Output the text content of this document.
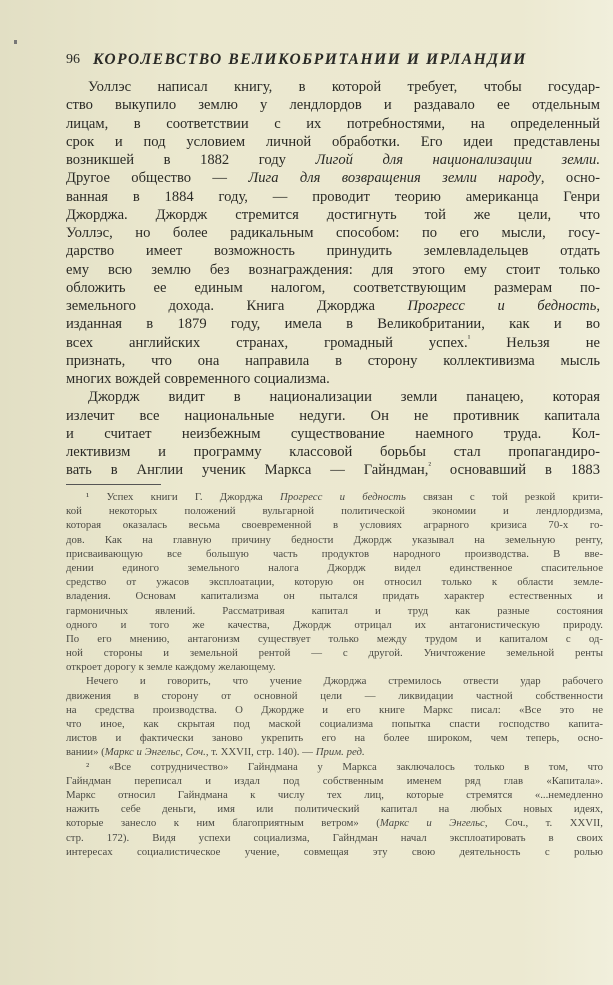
96 КОРОЛЕВСТВО ВЕЛИКОБРИТАНИИ И ИРЛАНДИИ
Уоллэс написал книгу, в которой требует, чтобы государ-
ство выкупило землю у лендлордов и раздавало ее отдельным
лицам, в соответствии с их потребностями, на определенный
срок и под условием личной обработки. Его идеи представлены
возникшей в 1882 году Лигой для национализации земли.
Другое общество — Лига для возвращения земли народу, осно-
ванная в 1884 году, — проводит теорию американца Генри
Джорджа. Джордж стремится достигнуть той же цели, что
Уоллэс, но более радикальным способом: по его мысли, госу-
дарство имеет возможность принудить землевладельцев отдать
ему всю землю без вознаграждения: для этого ему стоит только
обложить ее единым налогом, соответствующим размерам по-
земельного дохода. Книга Джорджа Прогресс и бедность,
изданная в 1879 году, имела в Великобритании, как и во
всех английских странах, громадный успех.$^{^1}$ Нельзя не
признать, что она направила в сторону коллективизма мысль
многих вождей современного социализма.
Джордж видит в национализации земли панацею, которая
излечит все национальные недуги. Он не противник капитала
и считает неизбежным существование наемного труда. Кол-
лективизм и программу классовой борьбы стал пропагандиро-
вать в Англии ученик Маркса — Гайндман,$^{^2}$ основавший в 1883
¹ Успех книги Г. Джорджа Прогресс и бедность связан с той резкой крити-
кой некоторых положений вульгарной политической экономии и лендлордизма,
которая оказалась весьма своевременной в условиях аграрного кризиса 70-х го-
дов. Как на главную причину бедности Джордж указывал на земельную ренту,
присваивающую все большую часть продуктов народного производства. В вве-
дении единого земельного налога Джордж видел единственное спасительное
средство от ужасов эксплоатации, которую он относил только к области земле-
владения. Основам капитализма он пытался придать характер естественных и
гармоничных явлений. Рассматривая капитал и труд как разные состояния
одного и того же качества, Джордж отрицал их антагонистическую природу.
По его мнению, антагонизм существует только между трудом и капиталом с од-
ной стороны и земельной рентой — с другой. Уничтожение земельной ренты
откроет дорогу к земле каждому желающему.
Нечего и говорить, что учение Джорджа стремилось отвести удар рабочего
движения в сторону от основной цели — ликвидации частной собственности
на средства производства. О Джордже и его книге Маркс писал: «Все это не
что иное, как скрытая под маской социализма попытка спасти господство капита-
листов и фактически заново укрепить его на более широком, чем теперь, осно-
вании» (Маркс и Энгельс, Соч., т. XXVII, стр. 140). — Прим. ред.
² «Все сотрудничество» Гайндмана у Маркса заключалось только в том, что
Гайндман переписал и издал под собственным именем ряд глав «Капитала».
Маркс относил Гайндмана к числу тех лиц, которые стремятся «...немедленно
нажить себе деньги, имя или политический капитал на любых новых идеях,
которые занесло к ним благоприятным ветром» (Маркс и Энгельс, Соч., т. XXVII,
стр. 172). Видя успехи социализма, Гайндман начал эксплоатировать в своих
интересах социалистическое учение, совмещая эту свою деятельность с ролью
